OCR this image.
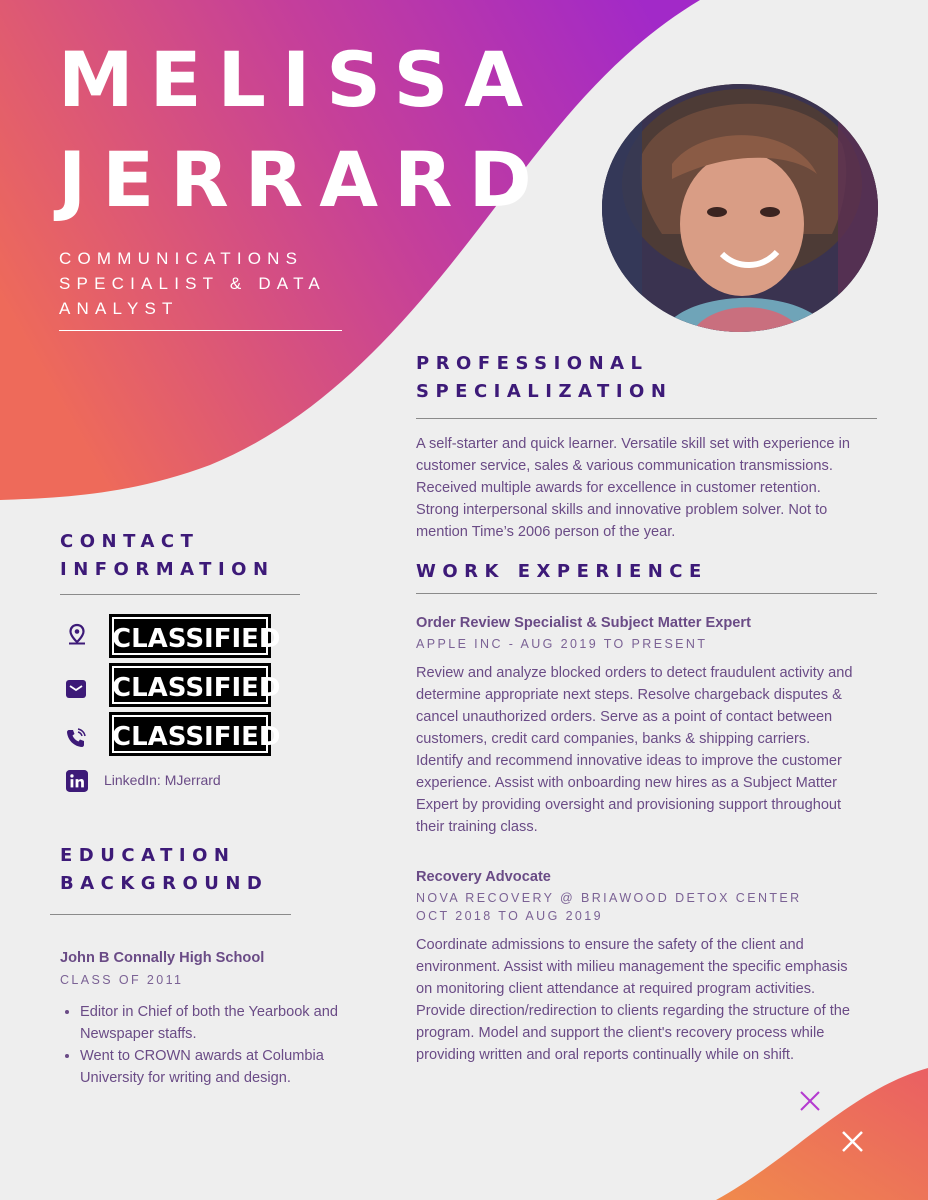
MELISSA
JERRARD
COMMUNICATIONS SPECIALIST & DATA ANALYST
PROFESSIONAL
SPECIALIZATION
A self-starter and quick learner. Versatile skill set with experience in customer service, sales & various communication transmissions. Received multiple awards for excellence in customer retention. Strong interpersonal skills and innovative problem solver. Not to mention Time’s 2006 person of the year.
WORK EXPERIENCE
Order Review Specialist & Subject Matter Expert
APPLE INC - AUG 2019 TO PRESENT
Review and analyze blocked orders to detect fraudulent activity and determine appropriate next steps. Resolve chargeback disputes & cancel unauthorized orders. Serve as a point of contact between customers, credit card companies, banks & shipping carriers. Identify and recommend innovative ideas to improve the customer experience. Assist with onboarding new hires as a Subject Matter Expert by providing oversight and provisioning support throughout their training class.
Recovery Advocate
NOVA RECOVERY @ BRIAWOOD DETOX CENTER
OCT 2018 TO AUG 2019
Coordinate admissions to ensure the safety of the client and environment. Assist with milieu management the specific emphasis on monitoring client attendance at required program activities. Provide direction/redirection to clients regarding the structure of the program. Model and support the client's recovery process while providing written and oral reports continually while on shift.
CONTACT
INFORMATION
CLASSIFIED
CLASSIFIED
CLASSIFIED
LinkedIn: MJerrard
EDUCATION
BACKGROUND
John B Connally High School
CLASS OF 2011
• Editor in Chief of both the Yearbook and Newspaper staffs.
• Went to CROWN awards at Columbia University for writing and design.
